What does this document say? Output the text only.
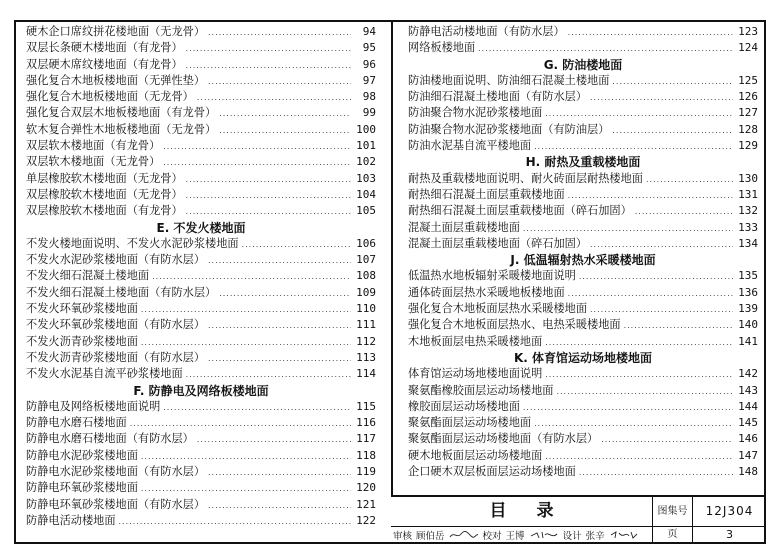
硬木企口席纹拼花楼地面（无龙骨） .....	94
双层长条硬木楼地面（有龙骨） .....	95
双层硬木席纹楼地面（有龙骨） .....	96
强化复合木地板楼地面（无弹性垫） .....	97
强化复合木地板楼地面（无龙骨） .....	98
强化复合双层木地板楼地面（有龙骨） .....	99
软木复合弹性木地板楼地面（无龙骨） .....	100
双层软木楼地面（有龙骨） .....	101
双层软木楼地面（无龙骨） .....	102
单层橡胶软木楼地面（无龙骨） .....	103
双层橡胶软木楼地面（无龙骨） .....	104
双层橡胶软木楼地面（有龙骨） .....	105
E. 不发火楼地面
不发火楼地面说明、不发火水泥砂浆楼地面 .....	106
不发火水泥砂浆楼地面（有防水层） .....	107
不发火细石混凝土楼地面 .....	108
不发火细石混凝土楼地面（有防水层） .....	109
不发火环氧砂浆楼地面 .....	110
不发火环氧砂浆楼地面（有防水层） .....	111
不发火沥青砂浆楼地面 .....	112
不发火沥青砂浆楼地面（有防水层） .....	113
不发火水泥基自流平砂浆楼地面 .....	114
F. 防静电及网络板楼地面
防静电及网络板楼地面说明 .....	115
防静电水磨石楼地面 .....	116
防静电水磨石楼地面（有防水层） .....	117
防静电水泥砂浆楼地面 .....	118
防静电水泥砂浆楼地面（有防水层） .....	119
防静电环氧砂浆楼地面 .....	120
防静电环氧砂浆楼地面（有防水层） .....	121
防静电活动楼地面 .....	122
防静电活动楼地面（有防水层） .....	123
网络板楼地面 .....	124
G. 防油楼地面
防油楼地面说明、防油细石混凝土楼地面 .....	125
防油细石混凝土楼地面（有防水层） .....	126
防油聚合物水泥砂浆楼地面 .....	127
防油聚合物水泥砂浆楼地面（有防油层） .....	128
防油水泥基自流平楼地面 .....	129
H. 耐热及重载楼地面
耐热及重载楼地面说明、耐火砖面层耐热楼地面 .....	130
耐热细石混凝土面层重载楼地面 .....	131
耐热细石混凝土面层重载楼地面（碎石加固） .....	132
混凝土面层重载楼地面 .....	133
混凝土面层重载楼地面（碎石加固） .....	134
J. 低温辐射热水采暖楼地面
低温热水地板辐射采暖楼地面说明 .....	135
通体砖面层热水采暖地板楼地面 .....	136
强化复合木地板面层热水采暖楼地面 .....	139
强化复合木地板面层热水、电热采暖楼地面 .....	140
木地板面层电热采暖楼地面 .....	141
K. 体育馆运动场地楼地面
体育馆运动场地楼地面说明 .....	142
聚氨酯橡胶面层运动场楼地面 .....	143
橡胶面层运动场楼地面 .....	144
聚氨酯面层运动场楼地面 .....	145
聚氨酯面层运动场楼地面（有防水层） .....	146
硬木地板面层运动场楼地面 .....	147
企口硬木双层板面层运动场楼地面 .....	148
目录	图集号	12J304
审核 顾伯岳	校对 王博	设计 张辛	页	3
